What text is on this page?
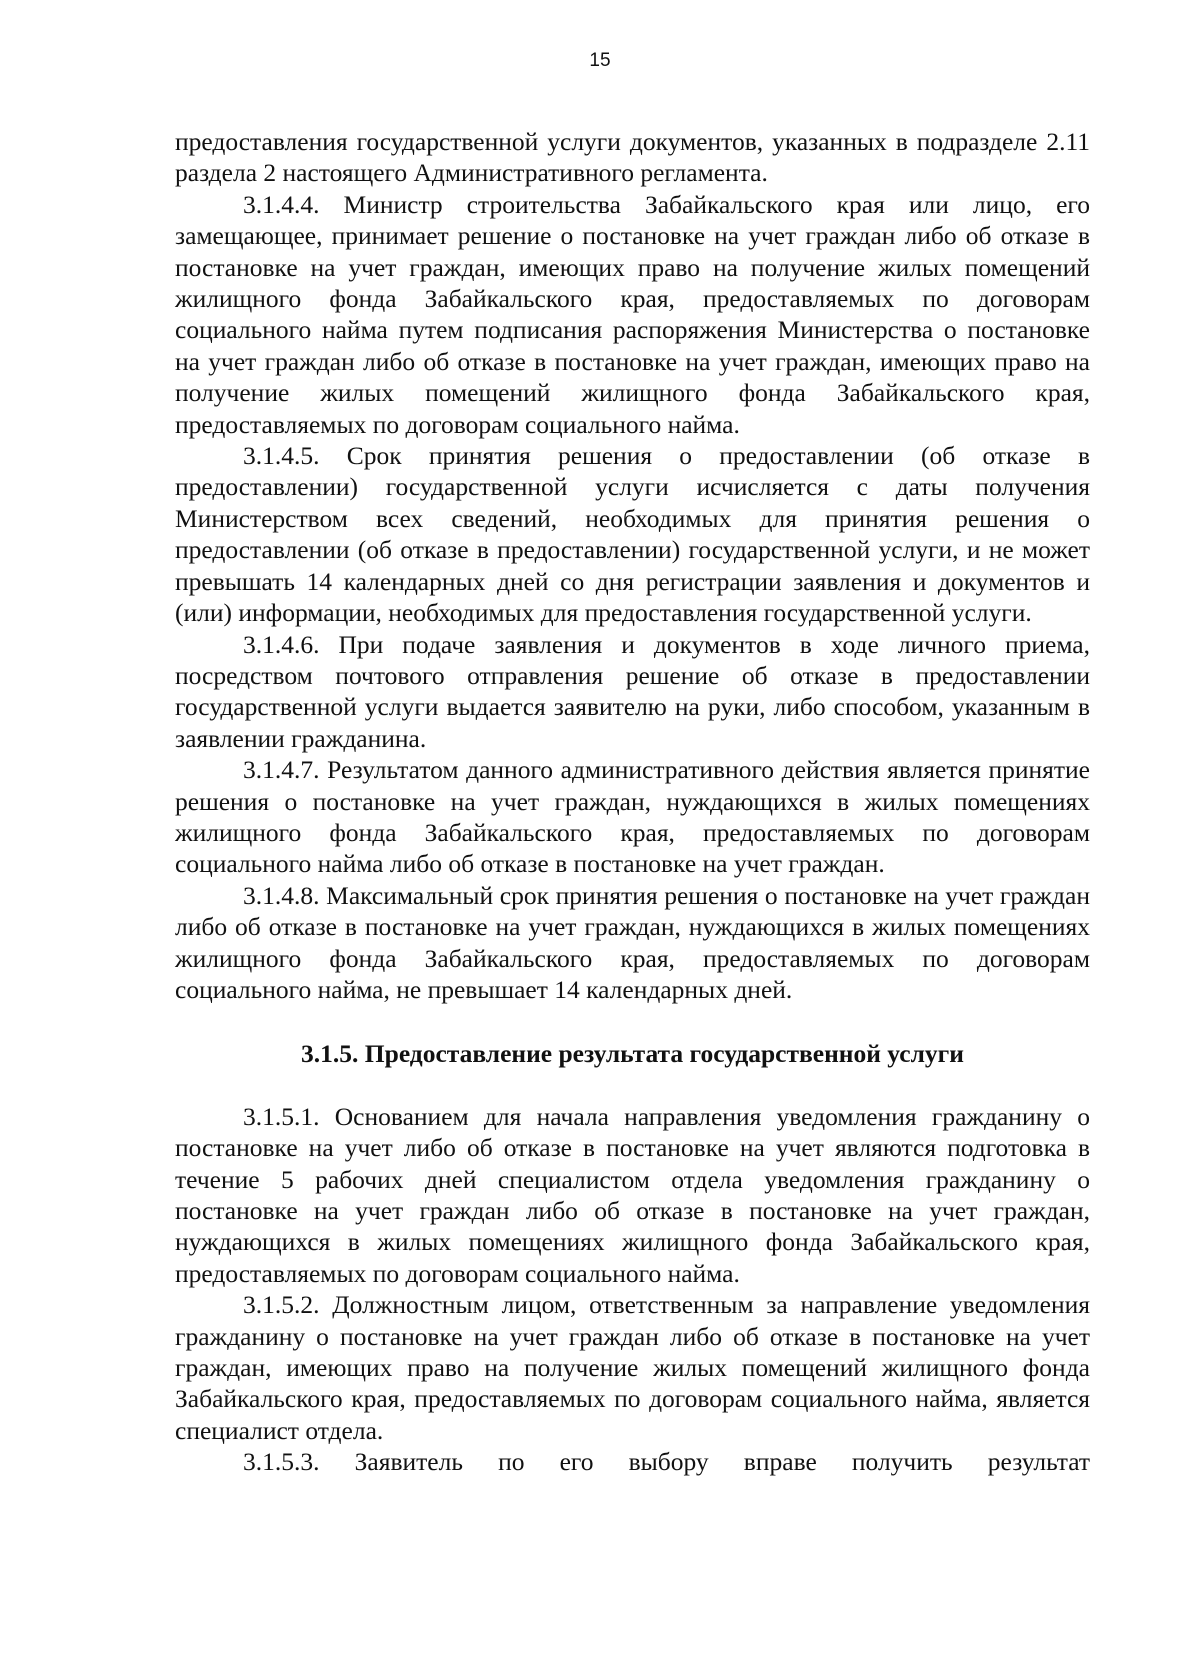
15

предоставления государственной услуги документов, указанных в подразделе 2.11 раздела 2 настоящего Административного регламента.

3.1.4.4. Министр строительства Забайкальского края или лицо, его замещающее, принимает решение о постановке на учет граждан либо об отказе в постановке на учет граждан, имеющих право на получение жилых помещений жилищного фонда Забайкальского края, предоставляемых по договорам социального найма путем подписания распоряжения Министерства о постановке на учет граждан либо об отказе в постановке на учет граждан, имеющих право на получение жилых помещений жилищного фонда Забайкальского края, предоставляемых по договорам социального найма.

3.1.4.5. Срок принятия решения о предоставлении (об отказе в предоставлении) государственной услуги исчисляется с даты получения Министерством всех сведений, необходимых для принятия решения о предоставлении (об отказе в предоставлении) государственной услуги, и не может превышать 14 календарных дней со дня регистрации заявления и документов и (или) информации, необходимых для предоставления государственной услуги.

3.1.4.6. При подаче заявления и документов в ходе личного приема, посредством почтового отправления решение об отказе в предоставлении государственной услуги выдается заявителю на руки, либо способом, указанным в заявлении гражданина.

3.1.4.7. Результатом данного административного действия является принятие решения о постановке на учет граждан, нуждающихся в жилых помещениях жилищного фонда Забайкальского края, предоставляемых по договорам социального найма либо об отказе в постановке на учет граждан.

3.1.4.8. Максимальный срок принятия решения о постановке на учет граждан либо об отказе в постановке на учет граждан, нуждающихся в жилых помещениях жилищного фонда Забайкальского края, предоставляемых по договорам социального найма, не превышает 14 календарных дней.

3.1.5. Предоставление результата государственной услуги

3.1.5.1. Основанием для начала направления уведомления гражданину о постановке на учет либо об отказе в постановке на учет являются подготовка в течение 5 рабочих дней специалистом отдела уведомления гражданину о постановке на учет граждан либо об отказе в постановке на учет граждан, нуждающихся в жилых помещениях жилищного фонда Забайкальского края, предоставляемых по договорам социального найма.

3.1.5.2. Должностным лицом, ответственным за направление уведомления гражданину о постановке на учет граждан либо об отказе в постановке на учет граждан, имеющих право на получение жилых помещений жилищного фонда Забайкальского края, предоставляемых по договорам социального найма, является специалист отдела.

3.1.5.3. Заявитель по его выбору вправе получить результат
